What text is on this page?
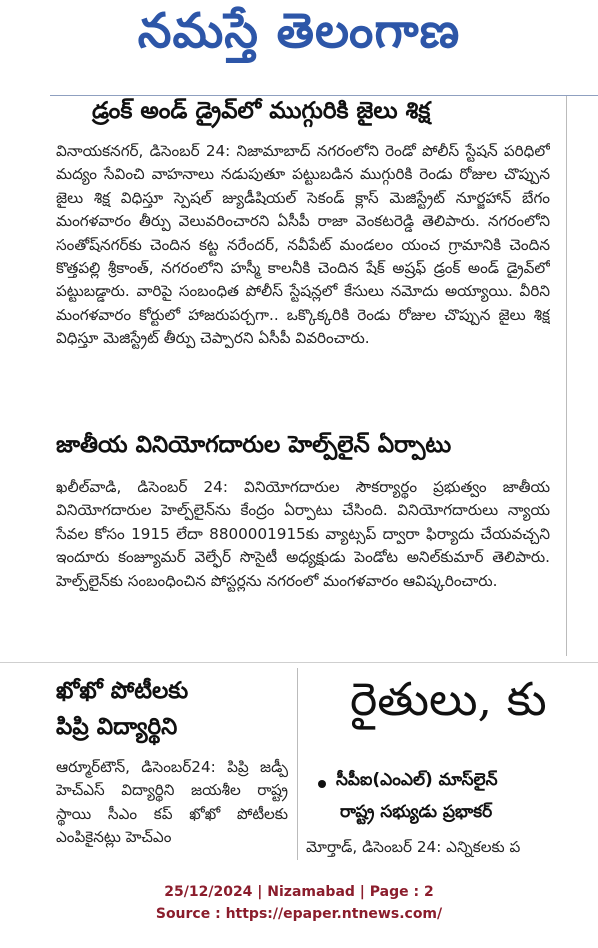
నమస్తే తెలంగాణ
డ్రంక్ అండ్ డ్రైవ్‌లో ముగ్గురికి జైలు శిక్ష

వినాయకనగర్, డిసెంబర్ 24: నిజామాబాద్ నగరంలోని రెండో పోలీస్ స్టేషన్ పరిధిలో మద్యం సేవించి వాహనాలు నడుపుతూ పట్టుబడిన ముగ్గురికి రెండు రోజుల చొప్పున జైలు శిక్ష విధిస్తూ స్పెషల్ జ్యుడీషియల్ సెకండ్ క్లాస్ మెజిస్ట్రేట్ నూర్జహాన్ బేగం మంగళవారం తీర్పు వెలువరించారని ఏసీపీ రాజా వెంకటరెడ్డి తెలిపారు. నగరంలోని సంతోష్‌నగర్‌కు చెందిన కట్ట నరేందర్, నవీపేట్ మండలం యంచ గ్రామానికి చెందిన కొత్తపల్లి శ్రీకాంత్, నగరంలోని హస్మీ కాలనీకి చెందిన షేక్ అష్రఫ్ డ్రంక్ అండ్ డ్రైవ్‌లో పట్టుబడ్డారు. వారిపై సంబంధిత పోలీస్ స్టేషన్లలో కేసులు నమోదు అయ్యాయి. వీరిని మంగళవారం కోర్టులో హాజరుపర్చగా.. ఒక్కొక్కరికి రెండు రోజుల చొప్పున జైలు శిక్ష విధిస్తూ మెజిస్ట్రేట్ తీర్పు చెప్పారని ఏసీపీ వివరించారు.

జాతీయ వినియోగదారుల హెల్ప్‌లైన్ ఏర్పాటు

ఖలీల్‌వాడి, డిసెంబర్ 24: వినియోగదారుల సౌకర్యార్థం ప్రభుత్వం జాతీయ వినియోగదారుల హెల్ప్‌లైన్‌ను కేంద్రం ఏర్పాటు చేసింది. వినియోగదారులు న్యాయ సేవల కోసం 1915 లేదా 8800001915కు వ్యాట్సప్ ద్వారా ఫిర్యాదు చేయవచ్చని ఇందూరు కంజ్యూమర్ వెల్ఫేర్ సొసైటీ అధ్యక్షుడు పెండోట అనిల్‌కుమార్ తెలిపారు. హెల్ప్‌లైన్‌కు సంబంధించిన పోస్టర్లను నగరంలో మంగళవారం ఆవిష్కరించారు.

ఖోఖో పోటీలకు
పిప్రి విద్యార్థిని

ఆర్మూర్‌టౌన్, డిసెంబర్24: పిప్రి జడ్పీ హెచ్ఎస్ విద్యార్థిని జయశీల రాష్ట్ర స్థాయి సీఎం కప్ ఖోఖో పోటీలకు ఎంపికైనట్లు హెచ్ఎం

రైతులు, కు
సీపీఐ(ఎంఎల్) మాస్‌లైన్
రాష్ట్ర సభ్యుడు ప్రభాకర్

మోర్తాడ్, డిసెంబర్ 24: ఎన్నికలకు ప

25/12/2024 | Nizamabad | Page : 2
Source : https://epaper.ntnews.com/
